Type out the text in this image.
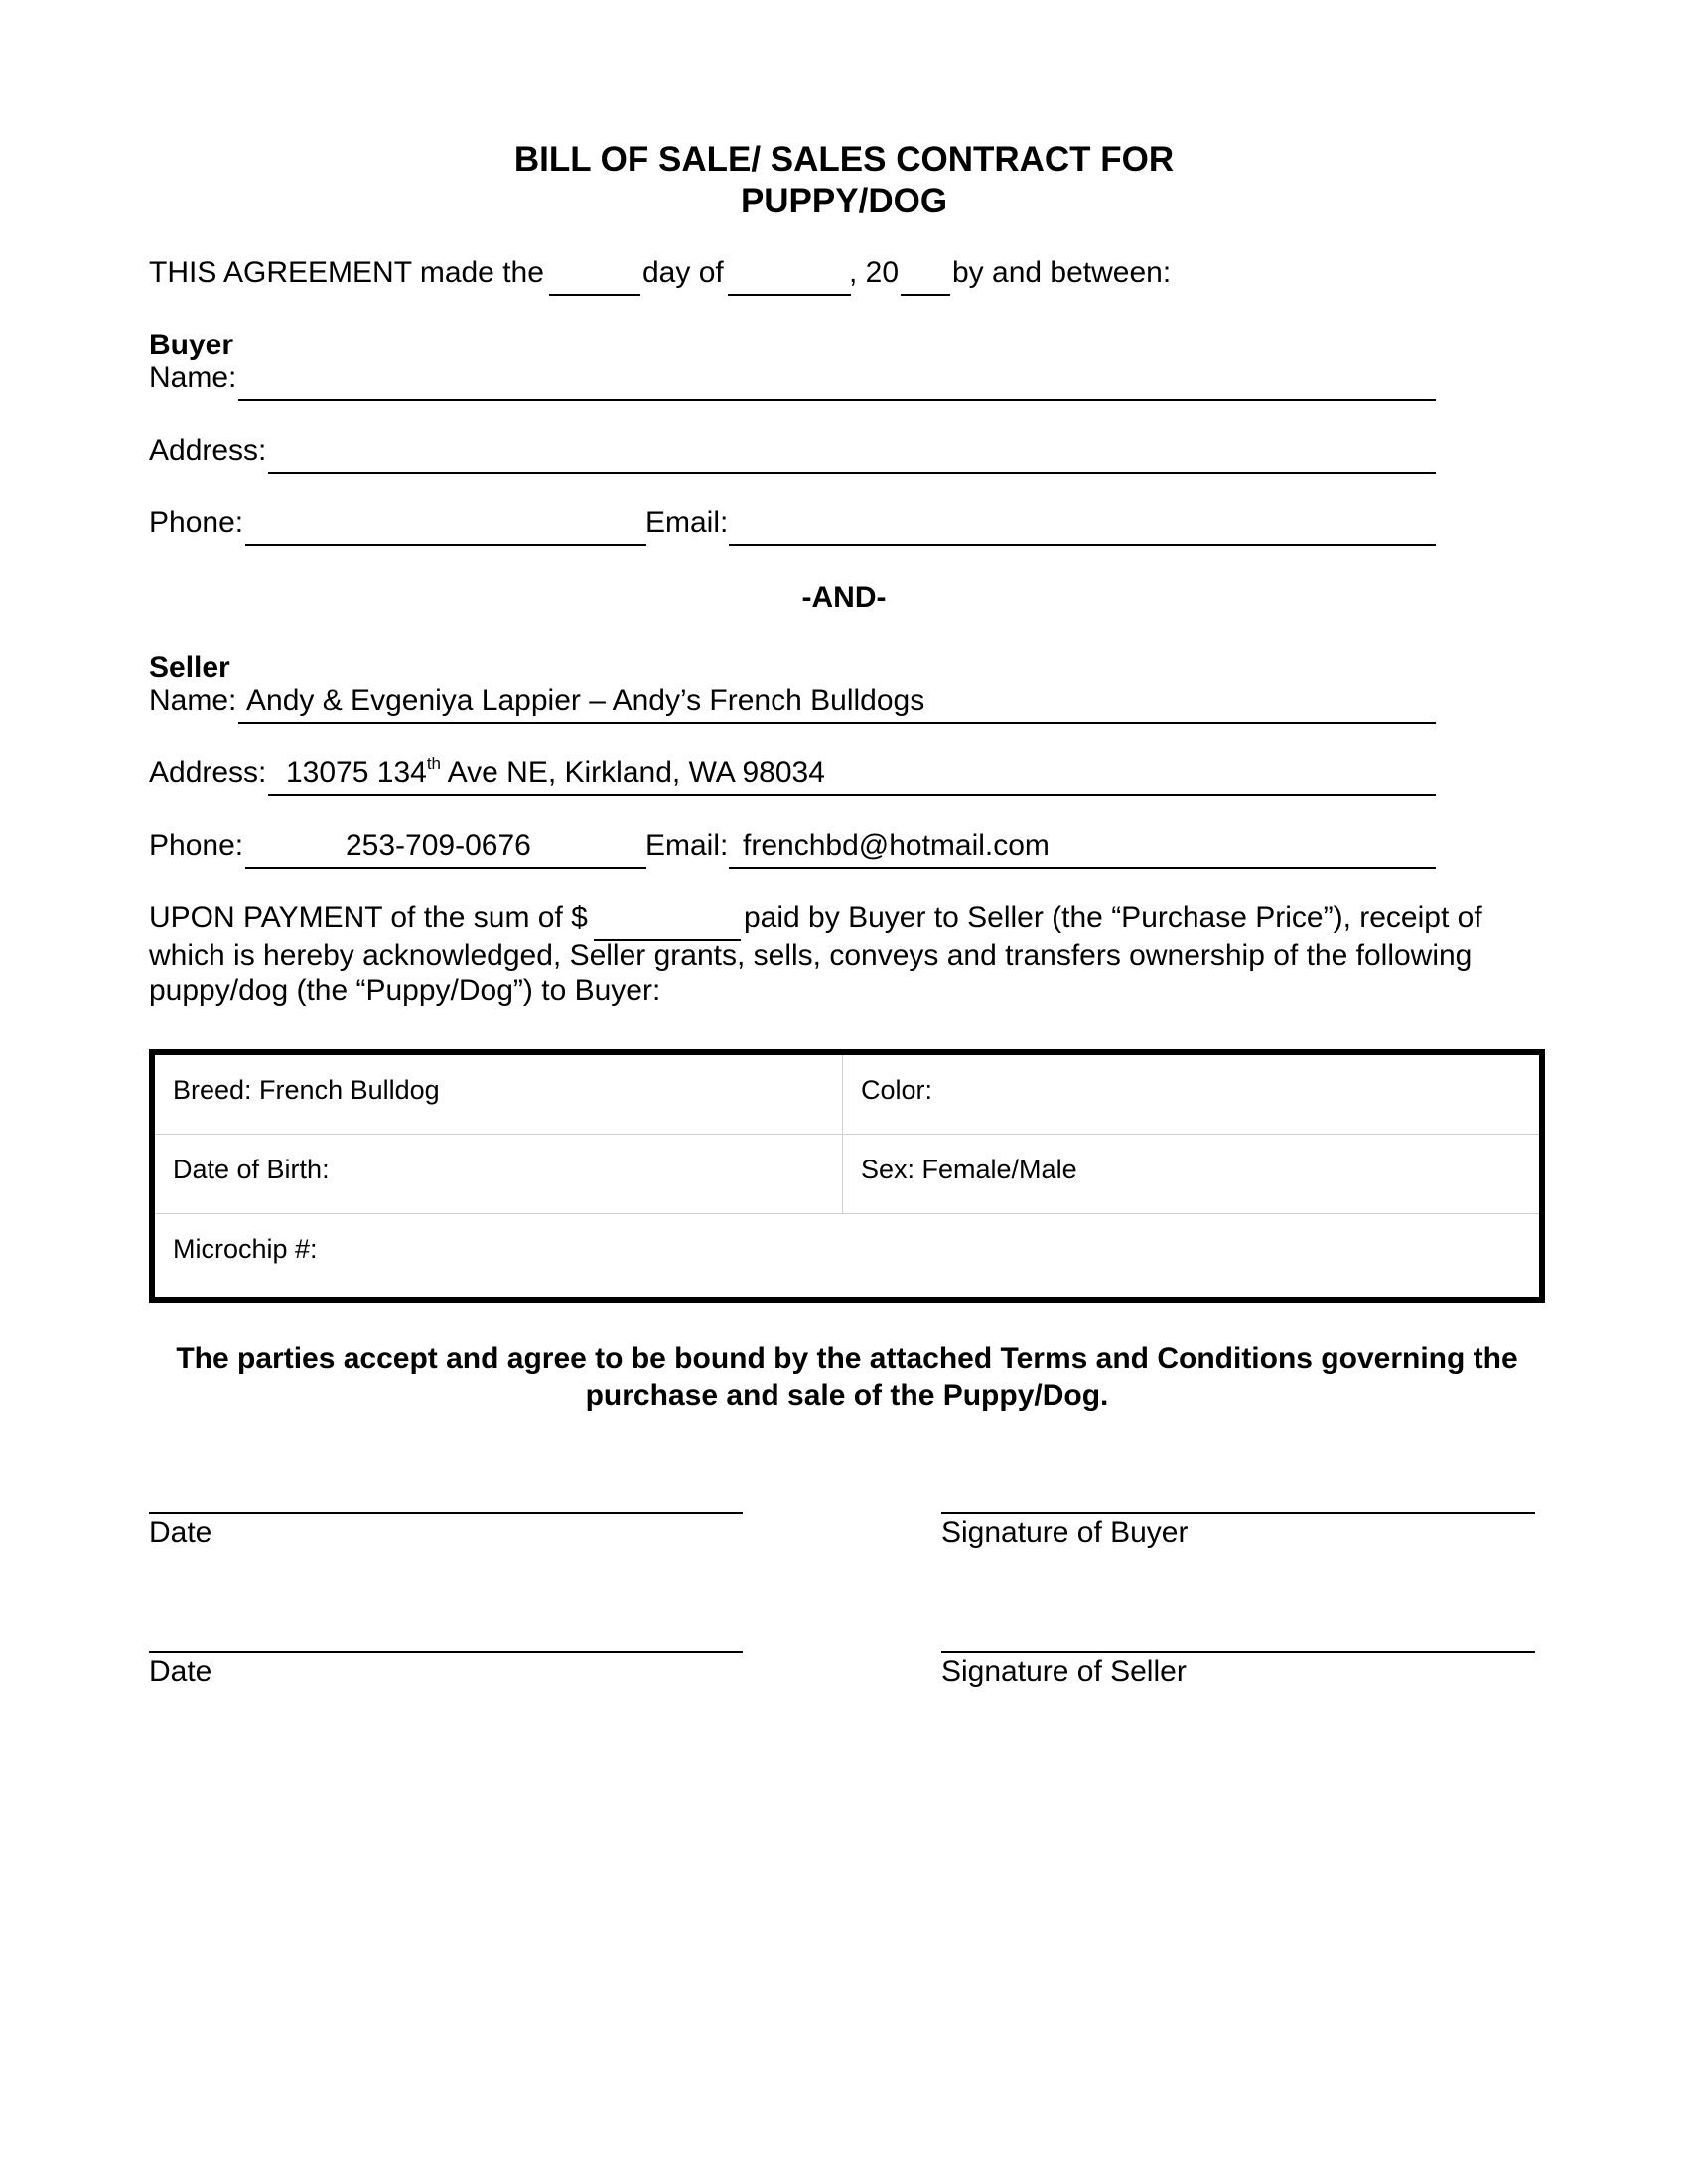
BILL OF SALE/ SALES CONTRACT FOR
PUPPY/DOG
THIS AGREEMENT made the	day of	, 20 by and between:
Buyer
Name:
Address:
Phone:	Email:
-AND-
Seller
Name: Andy & Evgeniya Lappier – Andy’s French Bulldogs
Address: 13075 134th Ave NE, Kirkland, WA 98034
Phone:	253-709-0676	Email: frenchbd@hotmail.com
UPON PAYMENT of the sum of $	paid by Buyer to Seller (the “Purchase Price”), receipt of
which is hereby acknowledged, Seller grants, sells, conveys and transfers ownership of the following
puppy/dog (the “Puppy/Dog”) to Buyer:
Breed: French Bulldog	Color:
Date of Birth:	Sex: Female/Male
Microchip #:
The parties accept and agree to be bound by the attached Terms and Conditions governing the
purchase and sale of the Puppy/Dog.
Date	Signature of Buyer
Date	Signature of Seller
